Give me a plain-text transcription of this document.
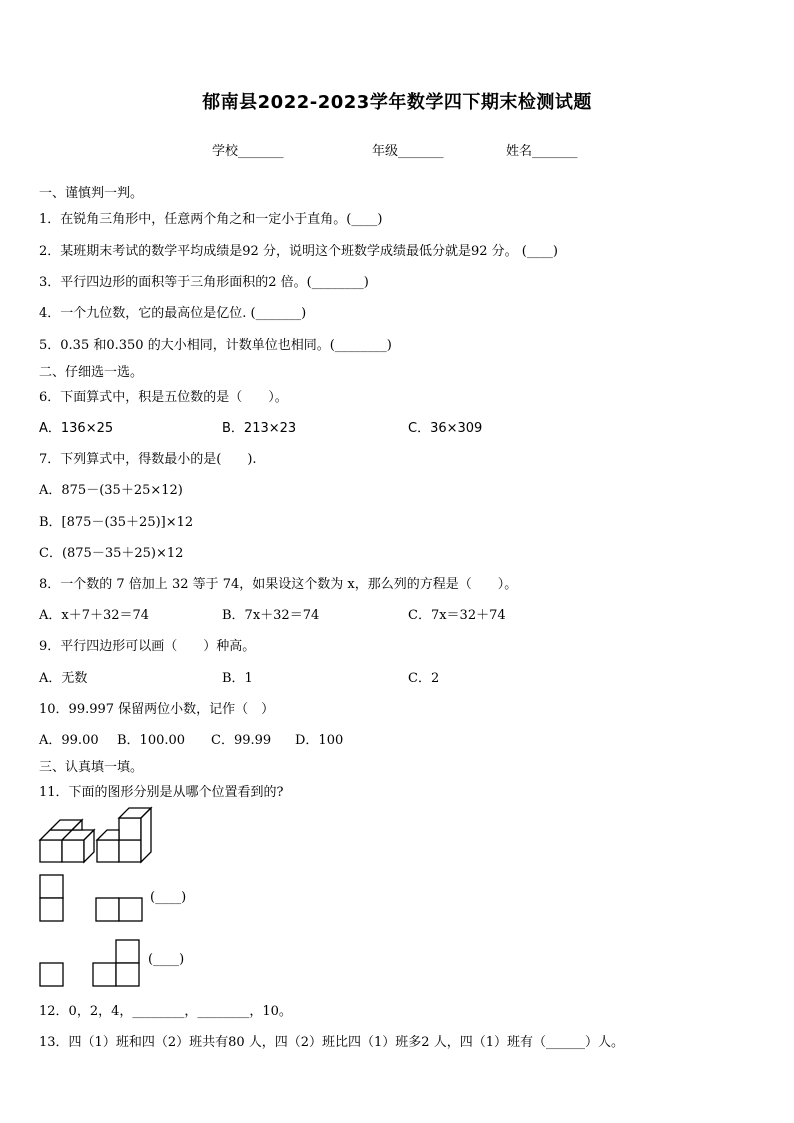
郁南县2022-2023学年数学四下期末检测试题
学校_______	年级_______	姓名_______
一、谨慎判一判。
1．在锐角三角形中，任意两个角之和一定小于直角。(____)
2．某班期末考试的数学平均成绩是92 分，说明这个班数学成绩最低分就是92 分。 (____)
3．平行四边形的面积等于三角形面积的2 倍。(________)
4．一个九位数，它的最高位是亿位. (_______)
5．0.35 和0.350 的大小相同，计数单位也相同。(________)
二、仔细选一选。
6．下面算式中，积是五位数的是（　　）。
A．136×25	B．213×23	C．36×309
7．下列算式中，得数最小的是(　　).
A．875－(35＋25×12)
B．[875－(35＋25)]×12
C．(875－35＋25)×12
8．一个数的 7 倍加上 32 等于 74，如果设这个数为 x，那么列的方程是（　　）。
A．x＋7＋32＝74	B．7x＋32＝74	C．7x＝32＋74
9．平行四边形可以画（　　）种高。
A．无数	B．1	C．2
10．99.997 保留两位小数，记作（　）
A．99.00 B．100.00 C．99.99 D．100
三、认真填一填。
11．下面的图形分别是从哪个位置看到的?
(____)
(____)
12．0，2，4，________，________，10。
13．四（1）班和四（2）班共有80 人，四（2）班比四（1）班多2 人，四（1）班有（______）人。
